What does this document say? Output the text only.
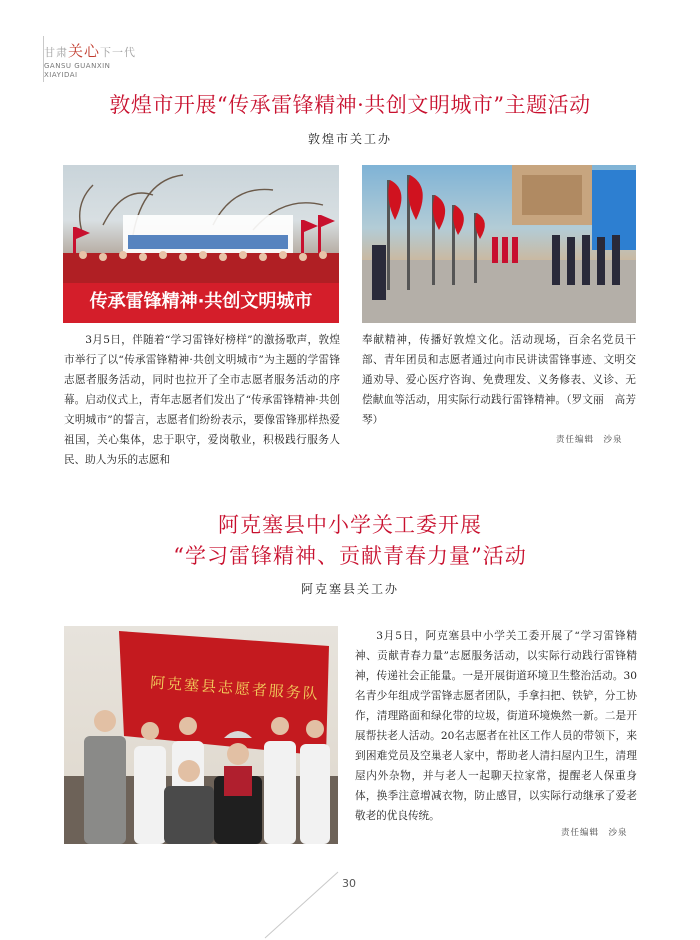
甘肃关心下一代
GANSU GUANXIN
XIAYIDAI
敦煌市开展“传承雷锋精神·共创文明城市”主题活动
敦煌市关工办
传承雷锋精神·共创文明城市

3月5日，伴随着“学习雷锋好榜样”的激扬歌声，敦煌市举行了以“传承雷锋精神·共创文明城市”为主题的学雷锋志愿者服务活动，同时也拉开了全市志愿者服务活动的序幕。启动仪式上，青年志愿者们发出了“传承雷锋精神·共创文明城市”的誓言，志愿者们纷纷表示，要像雷锋那样热爱祖国，关心集体，忠于职守，爱岗敬业，积极践行服务人民、助人为乐的志愿和

奉献精神，传播好敦煌文化。活动现场，百余名党员干部、青年团员和志愿者通过向市民讲读雷锋事迹、文明交通劝导、爱心医疗咨询、免费理发、义务修表、义诊、无偿献血等活动，用实际行动践行雷锋精神。（罗文丽　高芳琴）

责任编辑　沙泉
阿克塞县中小学关工委开展
“学习雷锋精神、贡献青春力量”活动
阿克塞县关工办
阿克塞县志愿者服务队

3月5日，阿克塞县中小学关工委开展了“学习雷锋精神、贡献青春力量”志愿服务活动，以实际行动践行雷锋精神，传递社会正能量。一是开展街道环境卫生整治活动。30名青少年组成学雷锋志愿者团队，手拿扫把、铁铲，分工协作，清理路面和绿化带的垃圾，街道环境焕然一新。二是开展帮扶老人活动。20名志愿者在社区工作人员的带领下，来到困难党员及空巢老人家中，帮助老人清扫屋内卫生，清理屋内外杂物，并与老人一起聊天拉家常，提醒老人保重身体，换季注意增减衣物，防止感冒，以实际行动继承了爱老敬老的优良传统。

责任编辑　沙泉
30
